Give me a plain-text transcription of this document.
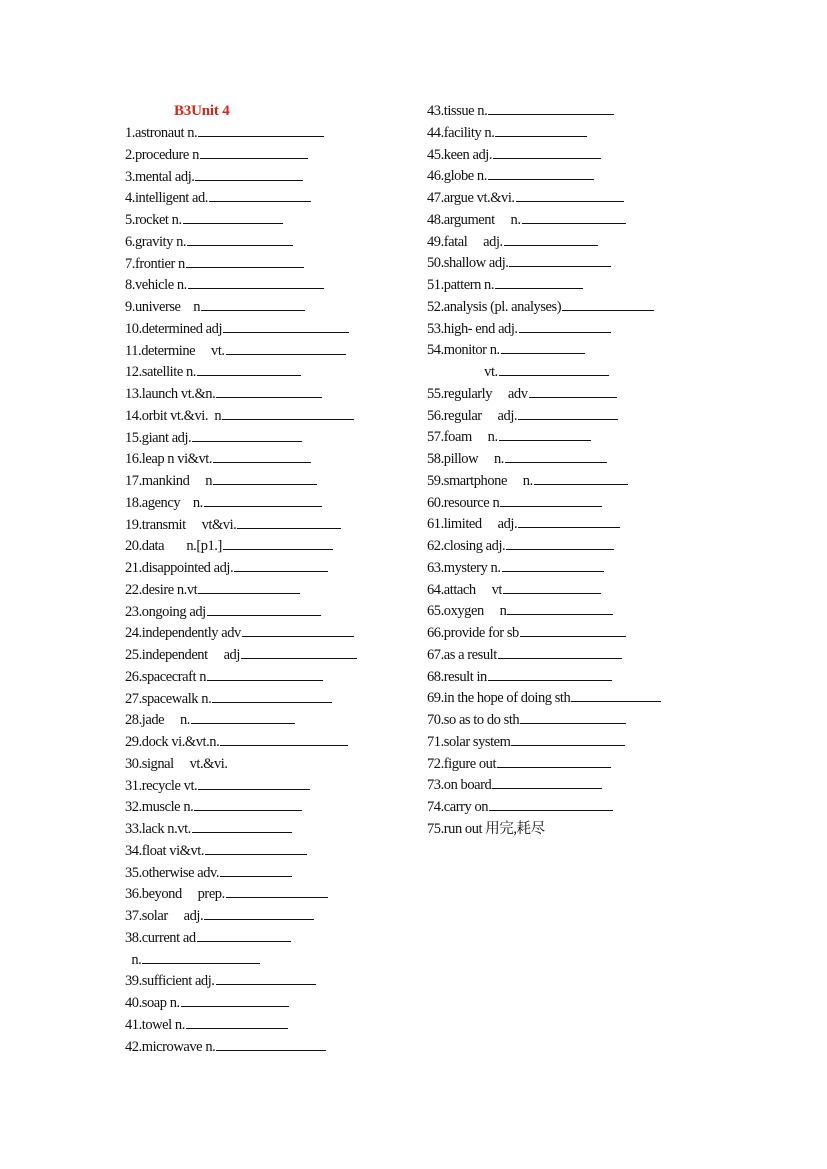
B3Unit 4
1.astronaut n.
2.procedure n
3.mental adj.
4.intelligent ad.
5.rocket n.
6.gravity n.
7.frontier n
8.vehicle n.
9.universe    n
10.determined adj
11.determine     vt.
12.satellite n.
13.launch vt.&n.
14.orbit vt.&vi.  n
15.giant adj.
16.leap n vi&vt.
17.mankind     n
18.agency    n.
19.transmit     vt&vi.
20.data       n.[p1.]
21.disappointed adj.
22.desire n.vt
23.ongoing adj
24.independently adv
25.independent     adj
26.spacecraft n
27.spacewalk n.
28.jade     n.
29.dock vi.&vt.n.
30.signal     vt.&vi.
31.recycle vt.
32.muscle n.
33.lack n.vt.
34.float vi&vt.
35.otherwise adv.
36.beyond     prep.
37.solar     adj.
38.current ad
n.
39.sufficient adj.
40.soap n.
41.towel n.
42.microwave n.
43.tissue n.
44.facility n.
45.keen adj.
46.globe n.
47.argue vt.&vi.
48.argument     n.
49.fatal     adj.
50.shallow adj.
51.pattern n.
52.analysis (pl. analyses)
53.high- end adj.
54.monitor n.
vt.
55.regularly     adv
56.regular     adj.
57.foam     n.
58.pillow     n.
59.smartphone     n.
60.resource n
61.limited     adj.
62.closing adj.
63.mystery n.
64.attach     vt
65.oxygen     n
66.provide for sb
67.as a result
68.result in
69.in the hope of doing sth
70.so as to do sth
71.solar system
72.figure out
73.on board
74.carry on
75.run out 用完,耗尽
